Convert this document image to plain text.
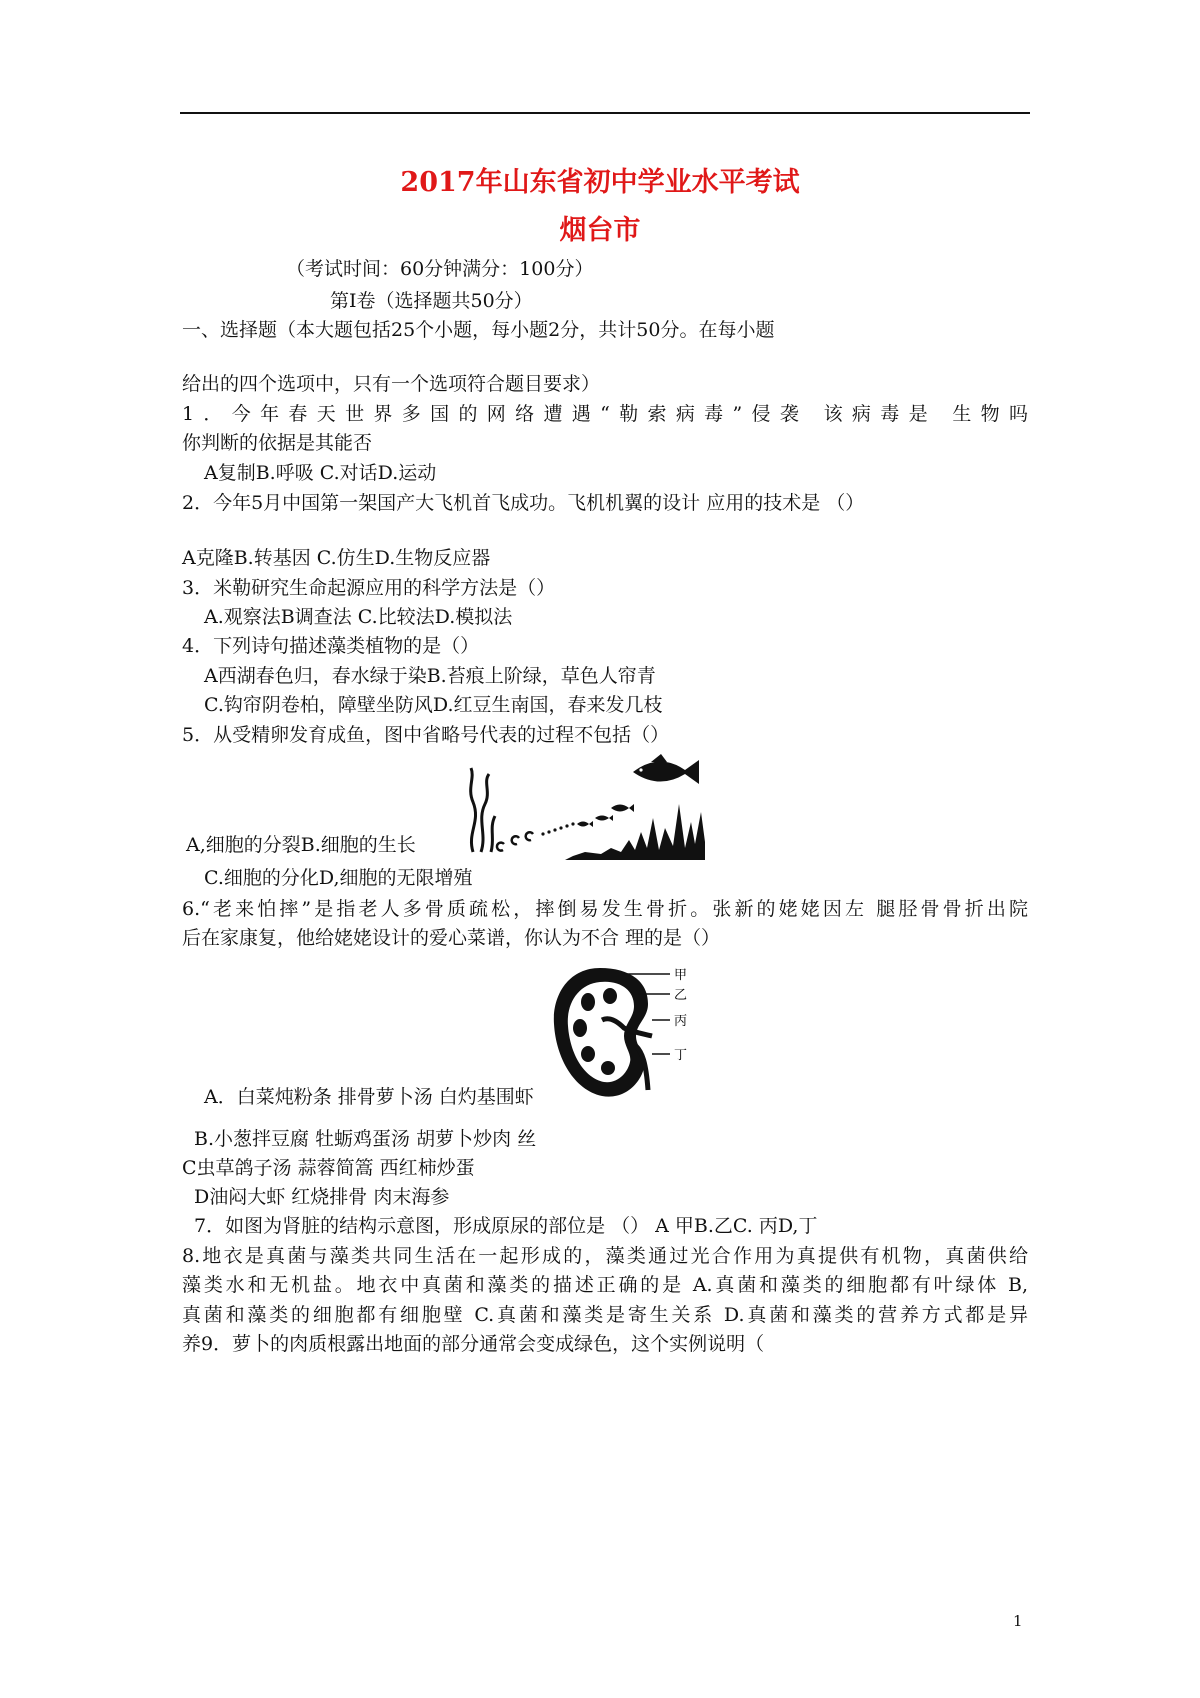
2017年山东省初中学业水平考试
烟台市
（考试时间：60分钟满分：100分）
第Ⅰ卷（选择题共50分）
一、选择题（本大题包括25个小题，每小题2分，共计50分。在每小题
给出的四个选项中，只有一个选项符合题目要求）
1．今年春天世界多国的网络遭遇“勒索病毒”侵袭 该病毒是 生物吗
你判断的依据是其能否
A复制B.呼吸 C.对话D.运动
2．今年5月中国第一架国产大飞机首飞成功。飞机机翼的设计 应用的技术是 （）
A克隆B.转基因 C.仿生D.生物反应器
3．米勒研究生命起源应用的科学方法是（）
A.观察法B调查法 C.比较法D.模拟法
4．下列诗句描述藻类植物的是（）
A西湖春色归，春水绿于染B.苔痕上阶绿，草色人帘青
C.钩帘阴卷柏，障壁坐防风D.红豆生南国，春来发几枝
5．从受精卵发育成鱼，图中省略号代表的过程不包括（）
A,细胞的分裂B.细胞的生长
C.细胞的分化D,细胞的无限增殖
6.“老来怕摔”是指老人多骨质疏松，摔倒易发生骨折。张新的姥姥因左 腿胫骨骨折出院
后在家康复，他给姥姥设计的爱心菜谱，你认为不合 理的是（）
甲
乙
丙
丁
A．白菜炖粉条 排骨萝卜汤 白灼基围虾
B.小葱拌豆腐 牡蛎鸡蛋汤 胡萝卜炒肉 丝
C虫草鸽子汤 蒜蓉简篙 西红柿炒蛋
D油闷大虾 红烧排骨 肉末海参
7．如图为肾脏的结构示意图，形成原尿的部位是 （） A 甲B.乙C. 丙D,丁
8.地衣是真菌与藻类共同生活在一起形成的，藻类通过光合作用为真提供有机物，真菌供给
藻类水和无机盐。地衣中真菌和藻类的描述正确的是 A.真菌和藻类的细胞都有叶绿体 B,
真菌和藻类的细胞都有细胞壁 C.真菌和藻类是寄生关系 D.真菌和藻类的营养方式都是异
养9．萝卜的肉质根露出地面的部分通常会变成绿色，这个实例说明（
1
